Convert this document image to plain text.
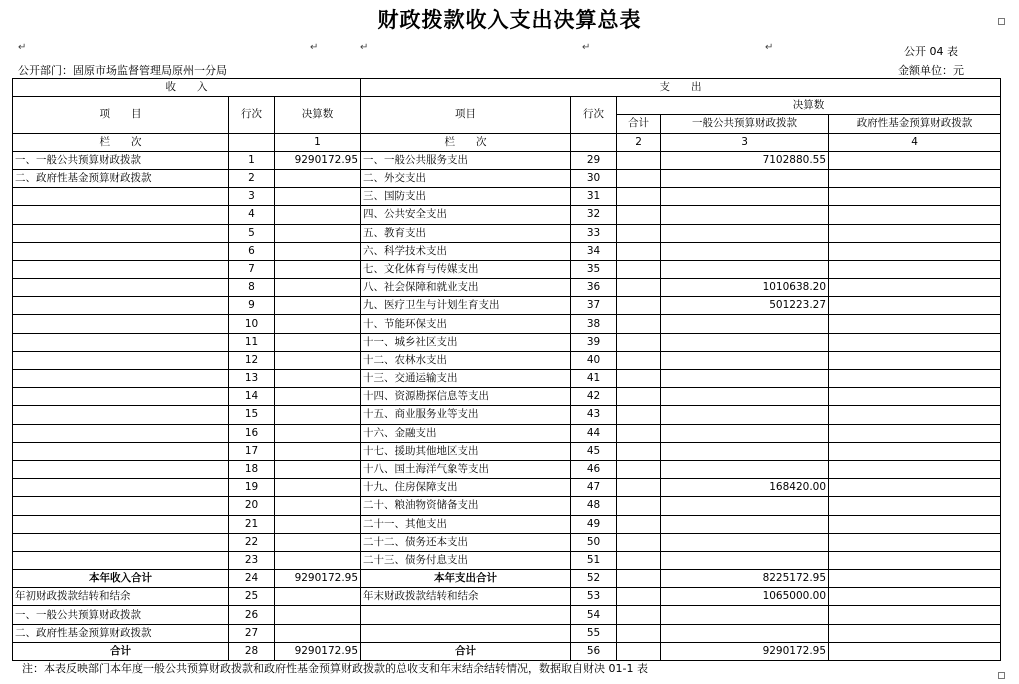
财政拨款收入支出决算总表
↵	↵	↵	↵	↵	公开 04 表
公开部门：固原市场监督管理局原州一分局	金额单位：元
收　　入			支　　出				
项　　目	行次	决算数	项目	行次	决算数		
					合计	一般公共预算财政拨款	政府性基金预算财政拨款
栏　　次		1	栏　　次		2	3	4
一、一般公共预算财政拨款	1	9290172.95	一、一般公共服务支出	29		7102880.55	
二、政府性基金预算财政拨款	2		二、外交支出	30			
	3		三、国防支出	31			
	4		四、公共安全支出	32			
	5		五、教育支出	33			
	6		六、科学技术支出	34			
	7		七、文化体育与传媒支出	35			
	8		八、社会保障和就业支出	36		1010638.20	
	9		九、医疗卫生与计划生育支出	37		501223.27	
	10		十、节能环保支出	38			
	11		十一、城乡社区支出	39			
	12		十二、农林水支出	40			
	13		十三、交通运输支出	41			
	14		十四、资源勘探信息等支出	42			
	15		十五、商业服务业等支出	43			
	16		十六、金融支出	44			
	17		十七、援助其他地区支出	45			
	18		十八、国土海洋气象等支出	46			
	19		十九、住房保障支出	47		168420.00	
	20		二十、粮油物资储备支出	48			
	21		二十一、其他支出	49			
	22		二十二、债务还本支出	50			
	23		二十三、债务付息支出	51			
本年收入合计	24	9290172.95	本年支出合计	52		8225172.95	
年初财政拨款结转和结余	25		年末财政拨款结转和结余	53		1065000.00	
一、一般公共预算财政拨款	26			54			
二、政府性基金预算财政拨款	27			55			
合计	28	9290172.95	合计	56		9290172.95	
注：本表反映部门本年度一般公共预算财政拨款和政府性基金预算财政拨款的总收支和年末结余结转情况，数据取自财决 01-1 表
